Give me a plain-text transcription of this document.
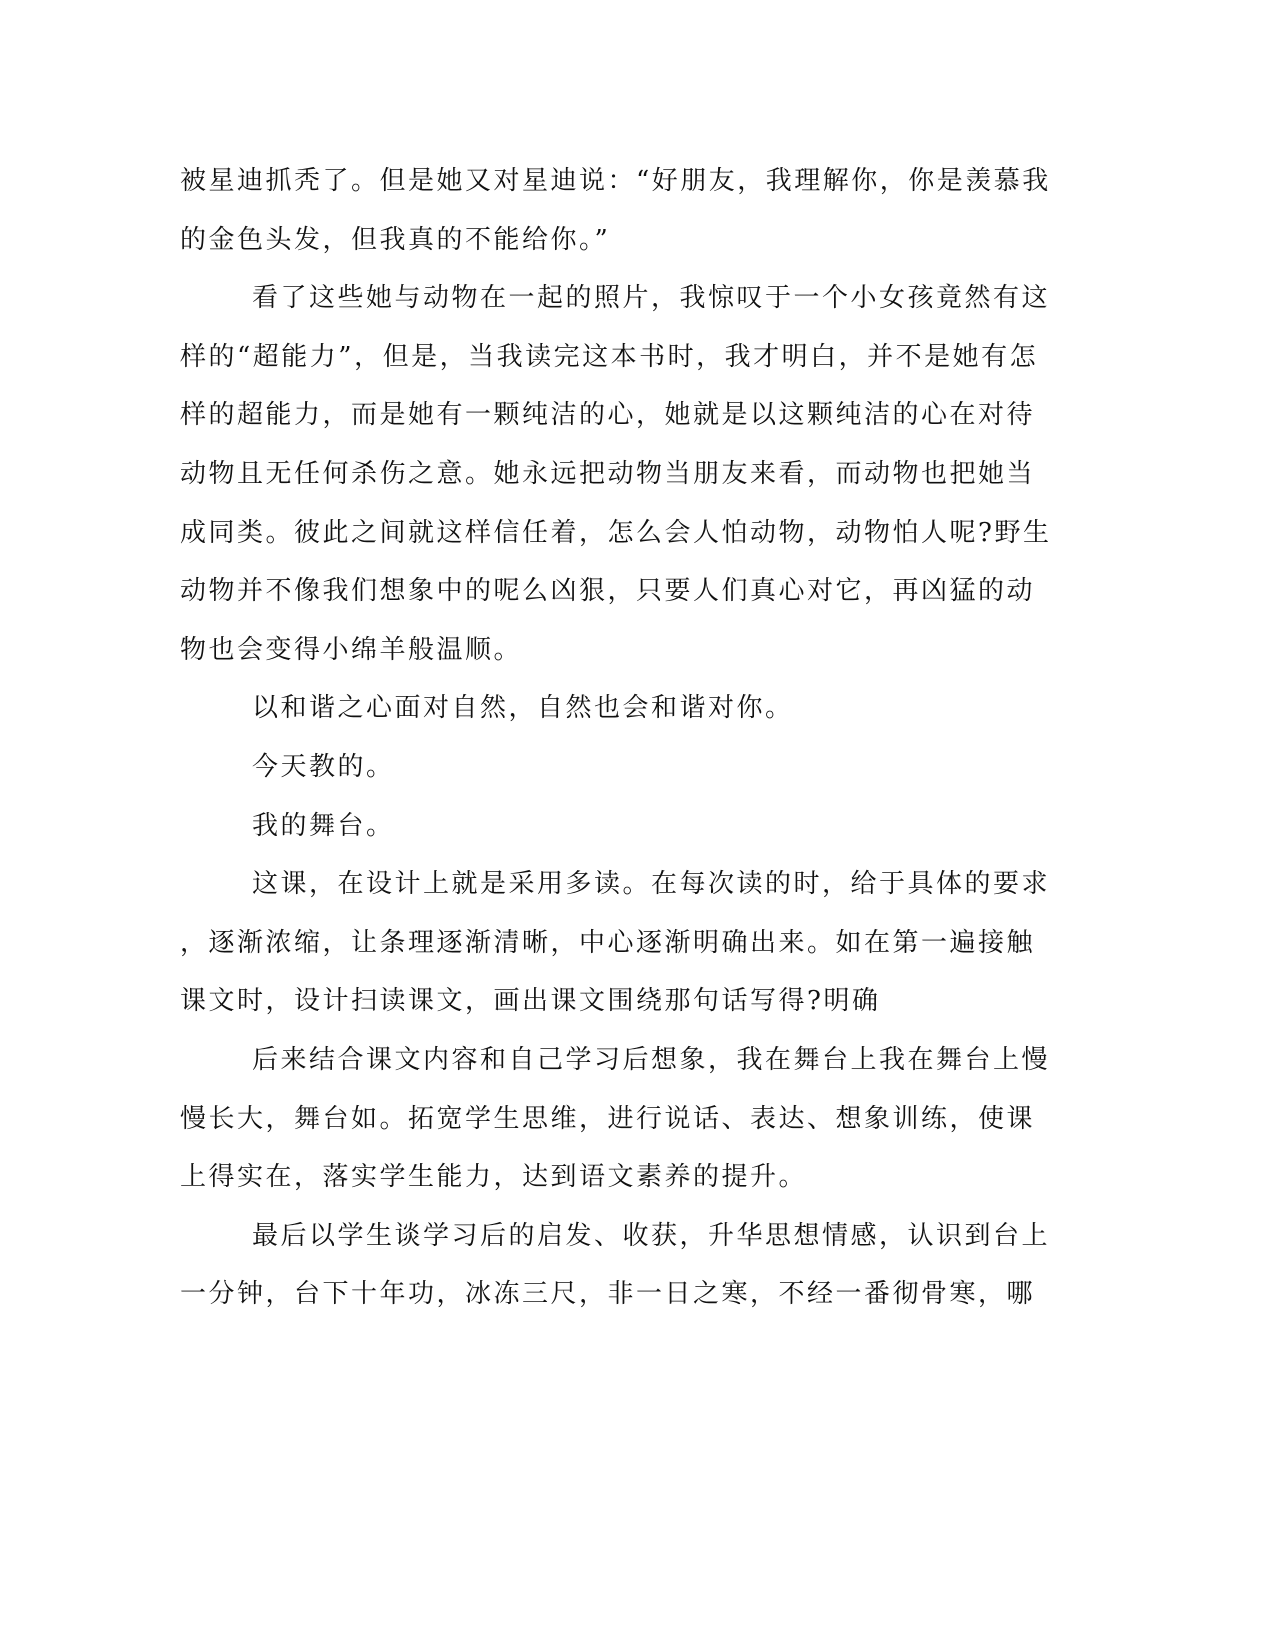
被星迪抓秃了。但是她又对星迪说：“好朋友，我理解你，你是羡慕我
的金色头发，但我真的不能给你。”
看了这些她与动物在一起的照片，我惊叹于一个小女孩竟然有这
样的“超能力”，但是，当我读完这本书时，我才明白，并不是她有怎
样的超能力，而是她有一颗纯洁的心，她就是以这颗纯洁的心在对待
动物且无任何杀伤之意。她永远把动物当朋友来看，而动物也把她当
成同类。彼此之间就这样信任着，怎么会人怕动物，动物怕人呢?野生
动物并不像我们想象中的呢么凶狠，只要人们真心对它，再凶猛的动
物也会变得小绵羊般温顺。
以和谐之心面对自然，自然也会和谐对你。
今天教的。
我的舞台。
这课，在设计上就是采用多读。在每次读的时，给于具体的要求
，逐渐浓缩，让条理逐渐清晰，中心逐渐明确出来。如在第一遍接触
课文时，设计扫读课文，画出课文围绕那句话写得?明确
后来结合课文内容和自己学习后想象，我在舞台上我在舞台上慢
慢长大，舞台如。拓宽学生思维，进行说话、表达、想象训练，使课
上得实在，落实学生能力，达到语文素养的提升。
最后以学生谈学习后的启发、收获，升华思想情感，认识到台上
一分钟，台下十年功，冰冻三尺，非一日之寒，不经一番彻骨寒，哪
